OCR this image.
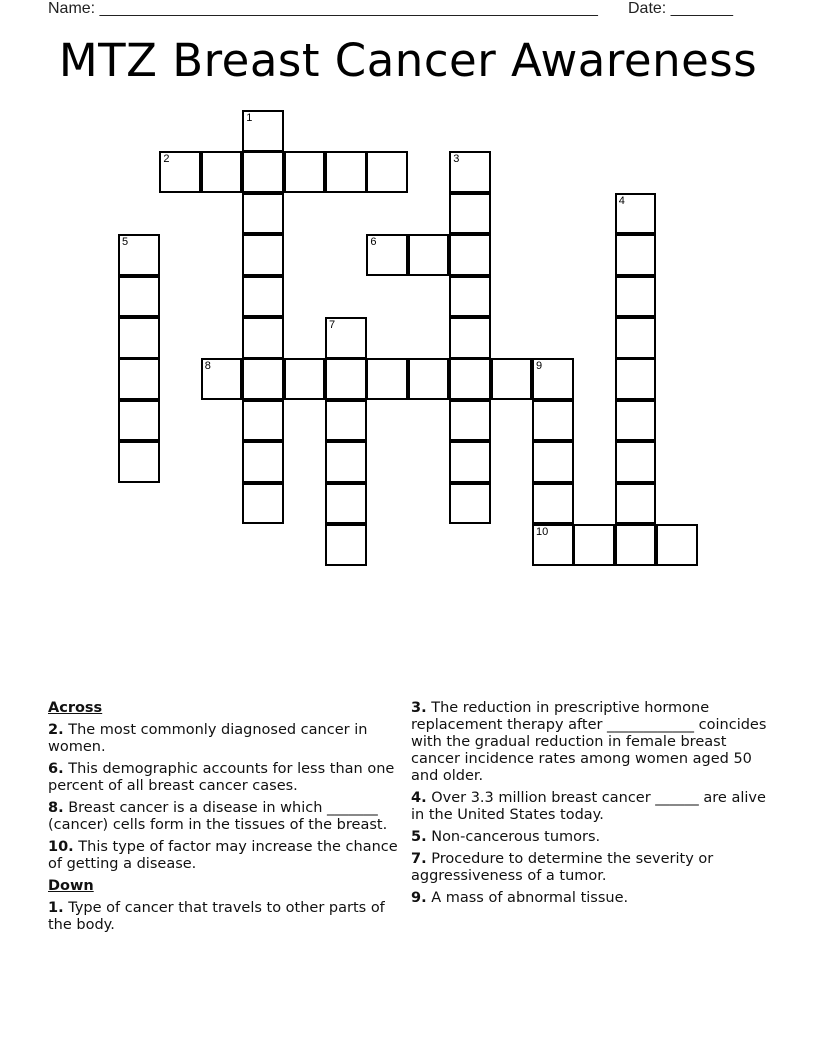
Name: ________________________________________________________ Date: _______
MTZ Breast Cancer Awareness
1
2	3
4
5	6
7
8	9
10
Across
2. The most commonly diagnosed cancer in women.
6. This demographic accounts for less than one percent of all breast cancer cases.
8. Breast cancer is a disease in which _______ (cancer) cells form in the tissues of the breast.
10. This type of factor may increase the chance of getting a disease.
Down
1. Type of cancer that travels to other parts of the body.
3. The reduction in prescriptive hormone replacement therapy after ____________ coincides with the gradual reduction in female breast cancer incidence rates among women aged 50 and older.
4. Over 3.3 million breast cancer ______ are alive in the United States today.
5. Non-cancerous tumors.
7. Procedure to determine the severity or aggressiveness of a tumor.
9. A mass of abnormal tissue.
